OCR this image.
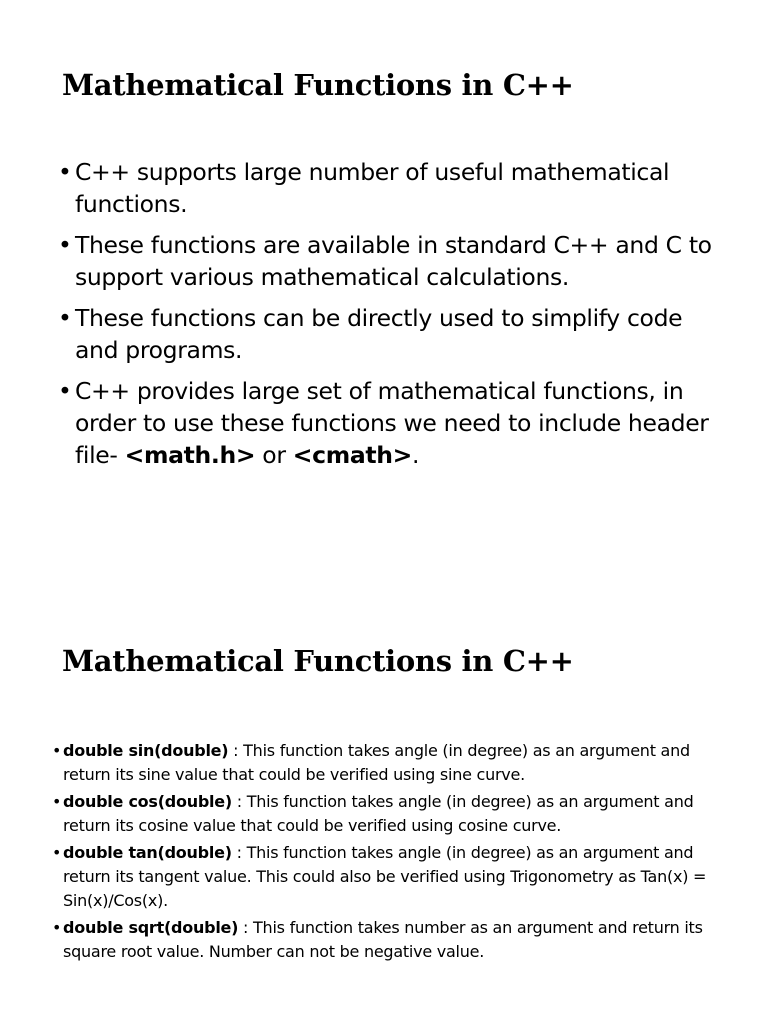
Mathematical Functions in C++
• C++ supports large number of useful mathematical functions.
• These functions are available in standard C++ and C to support various mathematical calculations.
• These functions can be directly used to simplify code and programs.
• C++ provides large set of mathematical functions, in order to use these functions we need to include header file- <math.h> or <cmath>.
Mathematical Functions in C++
• double sin(double) : This function takes angle (in degree) as an argument and return its sine value that could be verified using sine curve.
• double cos(double) : This function takes angle (in degree) as an argument and return its cosine value that could be verified using cosine curve.
• double tan(double) : This function takes angle (in degree) as an argument and return its tangent value. This could also be verified using Trigonometry as Tan(x) = Sin(x)/Cos(x).
• double sqrt(double) : This function takes number as an argument and return its square root value. Number can not be negative value.
